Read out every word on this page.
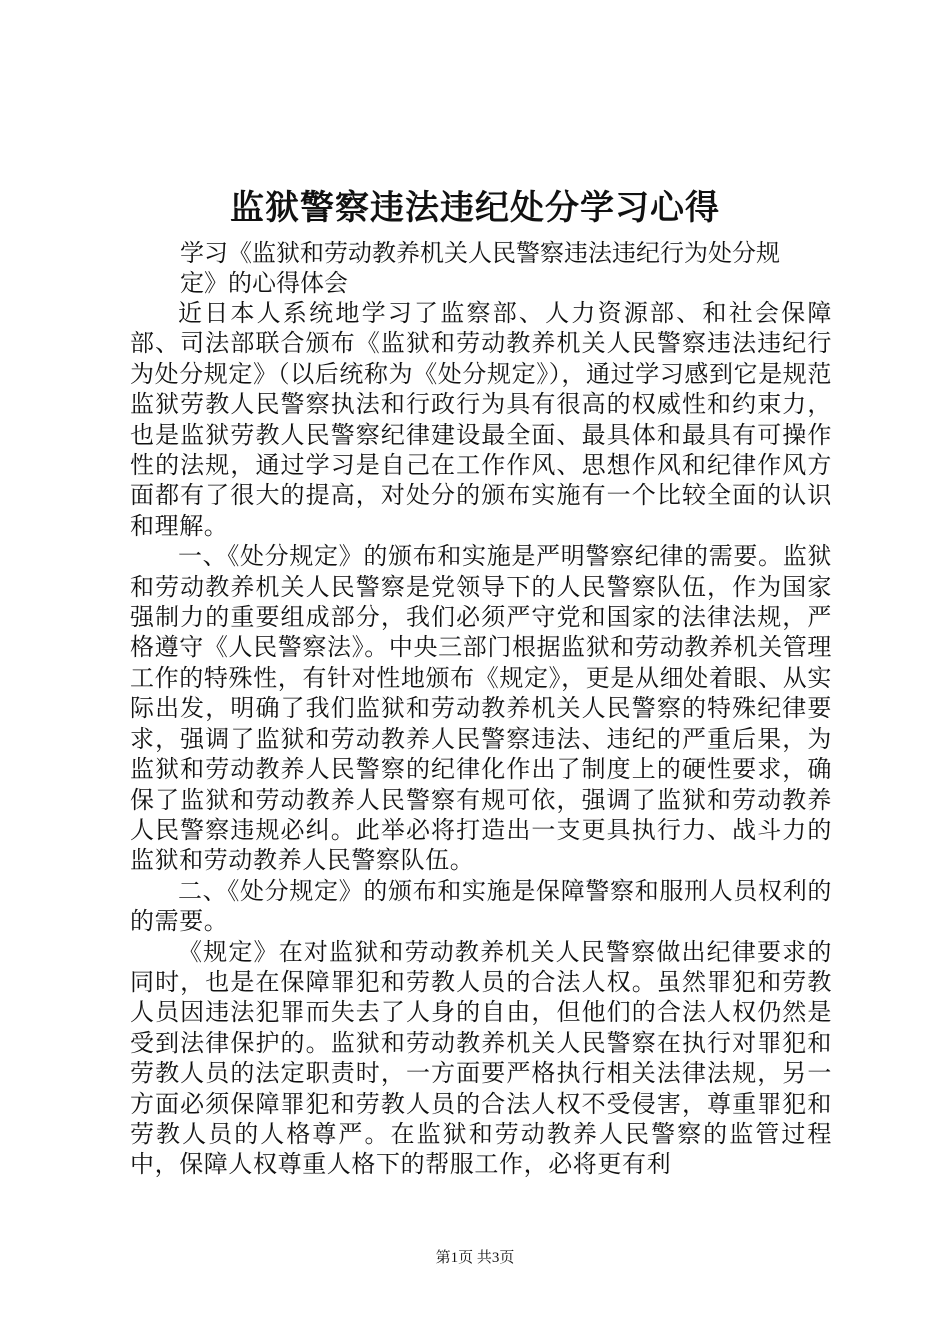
监狱警察违法违纪处分学习心得
学习《监狱和劳动教养机关人民警察违法违纪行为处分规定》的心得体会

近日本人系统地学习了监察部、人力资源部、和社会保障部、司法部联合颁布《监狱和劳动教养机关人民警察违法违纪行为处分规定》（以后统称为《处分规定》），通过学习感到它是规范监狱劳教人民警察执法和行政行为具有很高的权威性和约束力，也是监狱劳教人民警察纪律建设最全面、最具体和最具有可操作性的法规，通过学习是自己在工作作风、思想作风和纪律作风方面都有了很大的提高，对处分的颁布实施有一个比较全面的认识和理解。

一、《处分规定》的颁布和实施是严明警察纪律的需要。监狱和劳动教养机关人民警察是党领导下的人民警察队伍，作为国家强制力的重要组成部分，我们必须严守党和国家的法律法规，严格遵守《人民警察法》。中央三部门根据监狱和劳动教养机关管理工作的特殊性，有针对性地颁布《规定》，更是从细处着眼、从实际出发，明确了我们监狱和劳动教养机关人民警察的特殊纪律要求，强调了监狱和劳动教养人民警察违法、违纪的严重后果，为监狱和劳动教养人民警察的纪律化作出了制度上的硬性要求，确保了监狱和劳动教养人民警察有规可依，强调了监狱和劳动教养人民警察违规必纠。此举必将打造出一支更具执行力、战斗力的监狱和劳动教养人民警察队伍。

二、《处分规定》的颁布和实施是保障警察和服刑人员权利的的需要。

《规定》在对监狱和劳动教养机关人民警察做出纪律要求的同时，也是在保障罪犯和劳教人员的合法人权。虽然罪犯和劳教人员因违法犯罪而失去了人身的自由，但他们的合法人权仍然是受到法律保护的。监狱和劳动教养机关人民警察在执行对罪犯和劳教人员的法定职责时，一方面要严格执行相关法律法规，另一方面必须保障罪犯和劳教人员的合法人权不受侵害，尊重罪犯和劳教人员的人格尊严。在监狱和劳动教养人民警察的监管过程中，保障人权尊重人格下的帮服工作，必将更有利

第1页 共3页
